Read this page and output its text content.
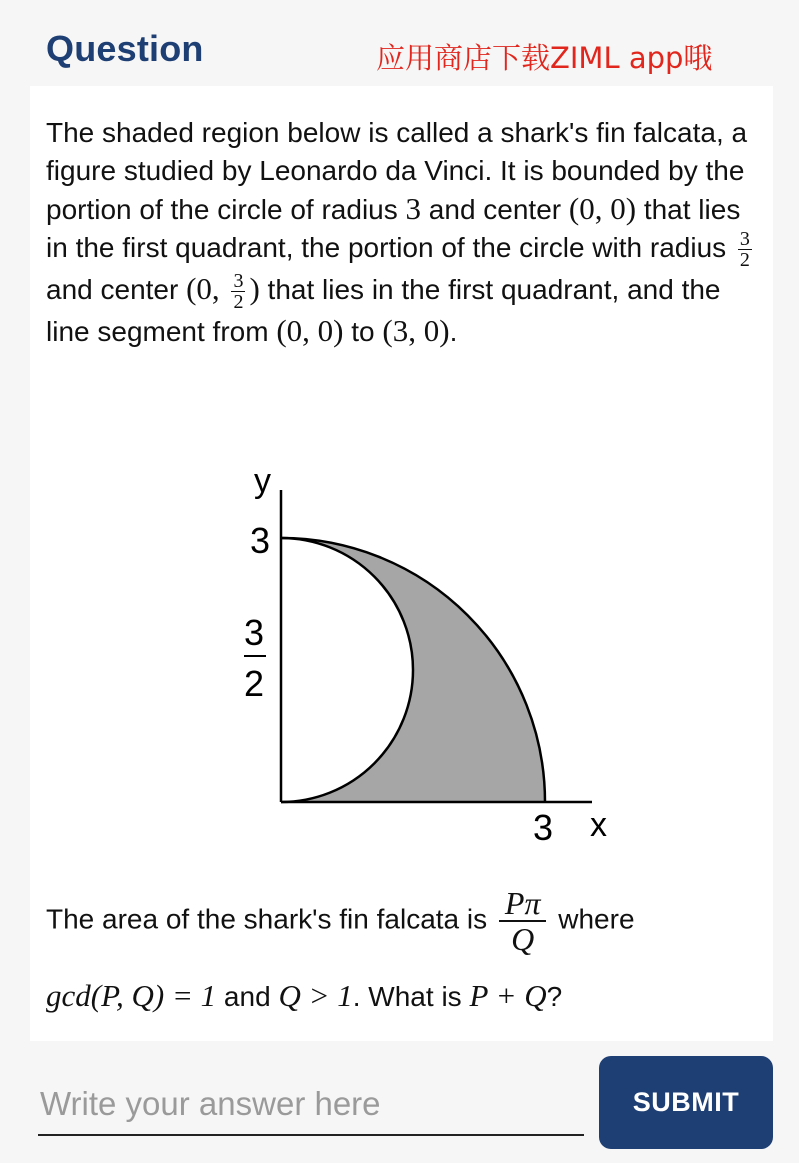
Question	应用商店下载ZIML app哦

The shaded region below is called a shark's fin falcata, a figure studied by Leonardo da Vinci. It is bounded by the portion of the circle of radius 3 and center (0, 0) that lies in the first quadrant, the portion of the circle with radius $\frac{3}{2}$
and center (0, $\frac{3}{2}$ ) that lies in the first quadrant, and the line segment from (0, 0) to (3, 0).

y
x
3
3
2
3
The area of the shark's fin falcata is $\frac{P\pi}{Q}$ where
gcd(P, Q) = 1 and Q > 1. What is P + Q?
Write your answer here
SUBMIT
